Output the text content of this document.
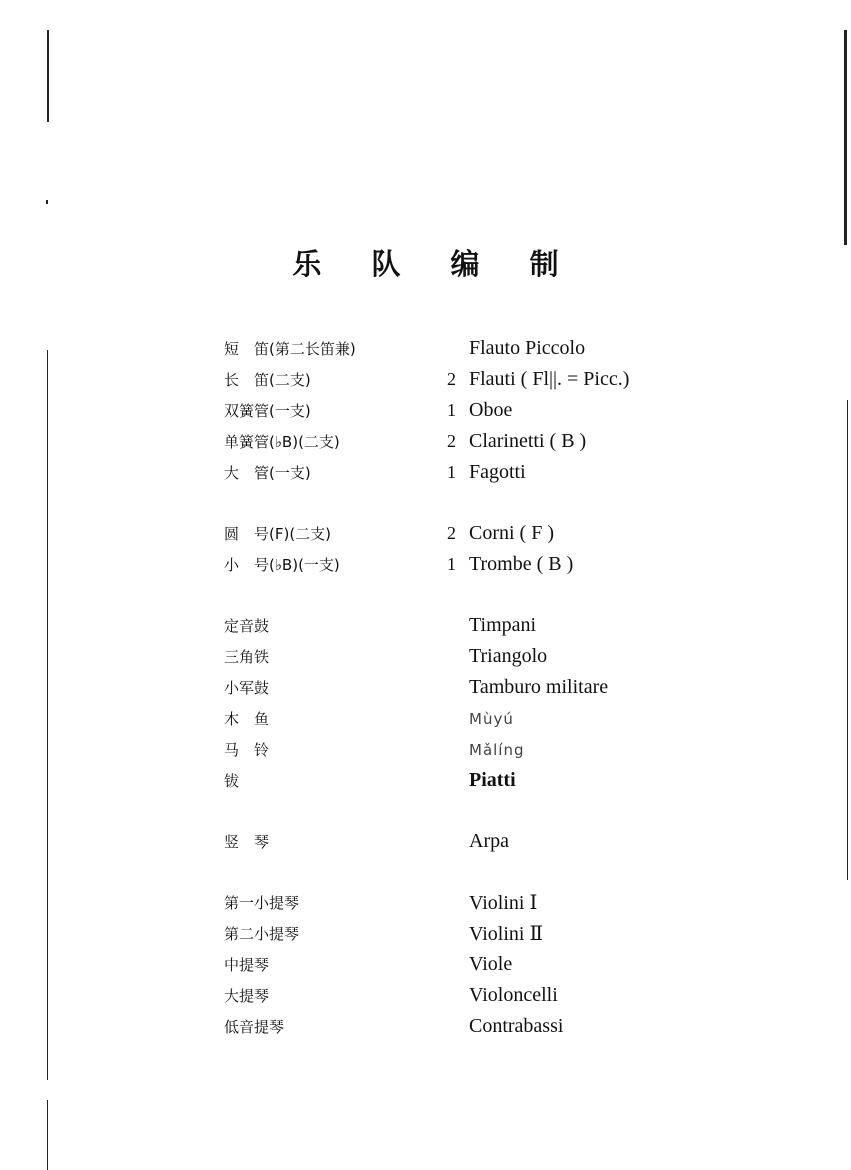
乐 队 编 制
短　笛(第二长笛兼)	Flauto Piccolo
长　笛(二支)	2 Flauti ( Fl||. = Picc.)
双簧管(一支)	1 Oboe
单簧管(♭B)(二支)	2 Clarinetti ( B )
大　管(一支)	1 Fagotti
圆　号(F)(二支)	2 Corni ( F )
小　号(♭B)(一支)	1 Trombe ( B )
定音鼓	Timpani
三角铁	Triangolo
小军鼓	Tamburo militare
木　鱼	Mùyú
马　铃	Mǎlíng
钹	Piatti
竖　琴	Arpa
第一小提琴	Violini Ⅰ
第二小提琴	Violini Ⅱ
中提琴	Viole
大提琴	Violoncelli
低音提琴	Contrabassi
